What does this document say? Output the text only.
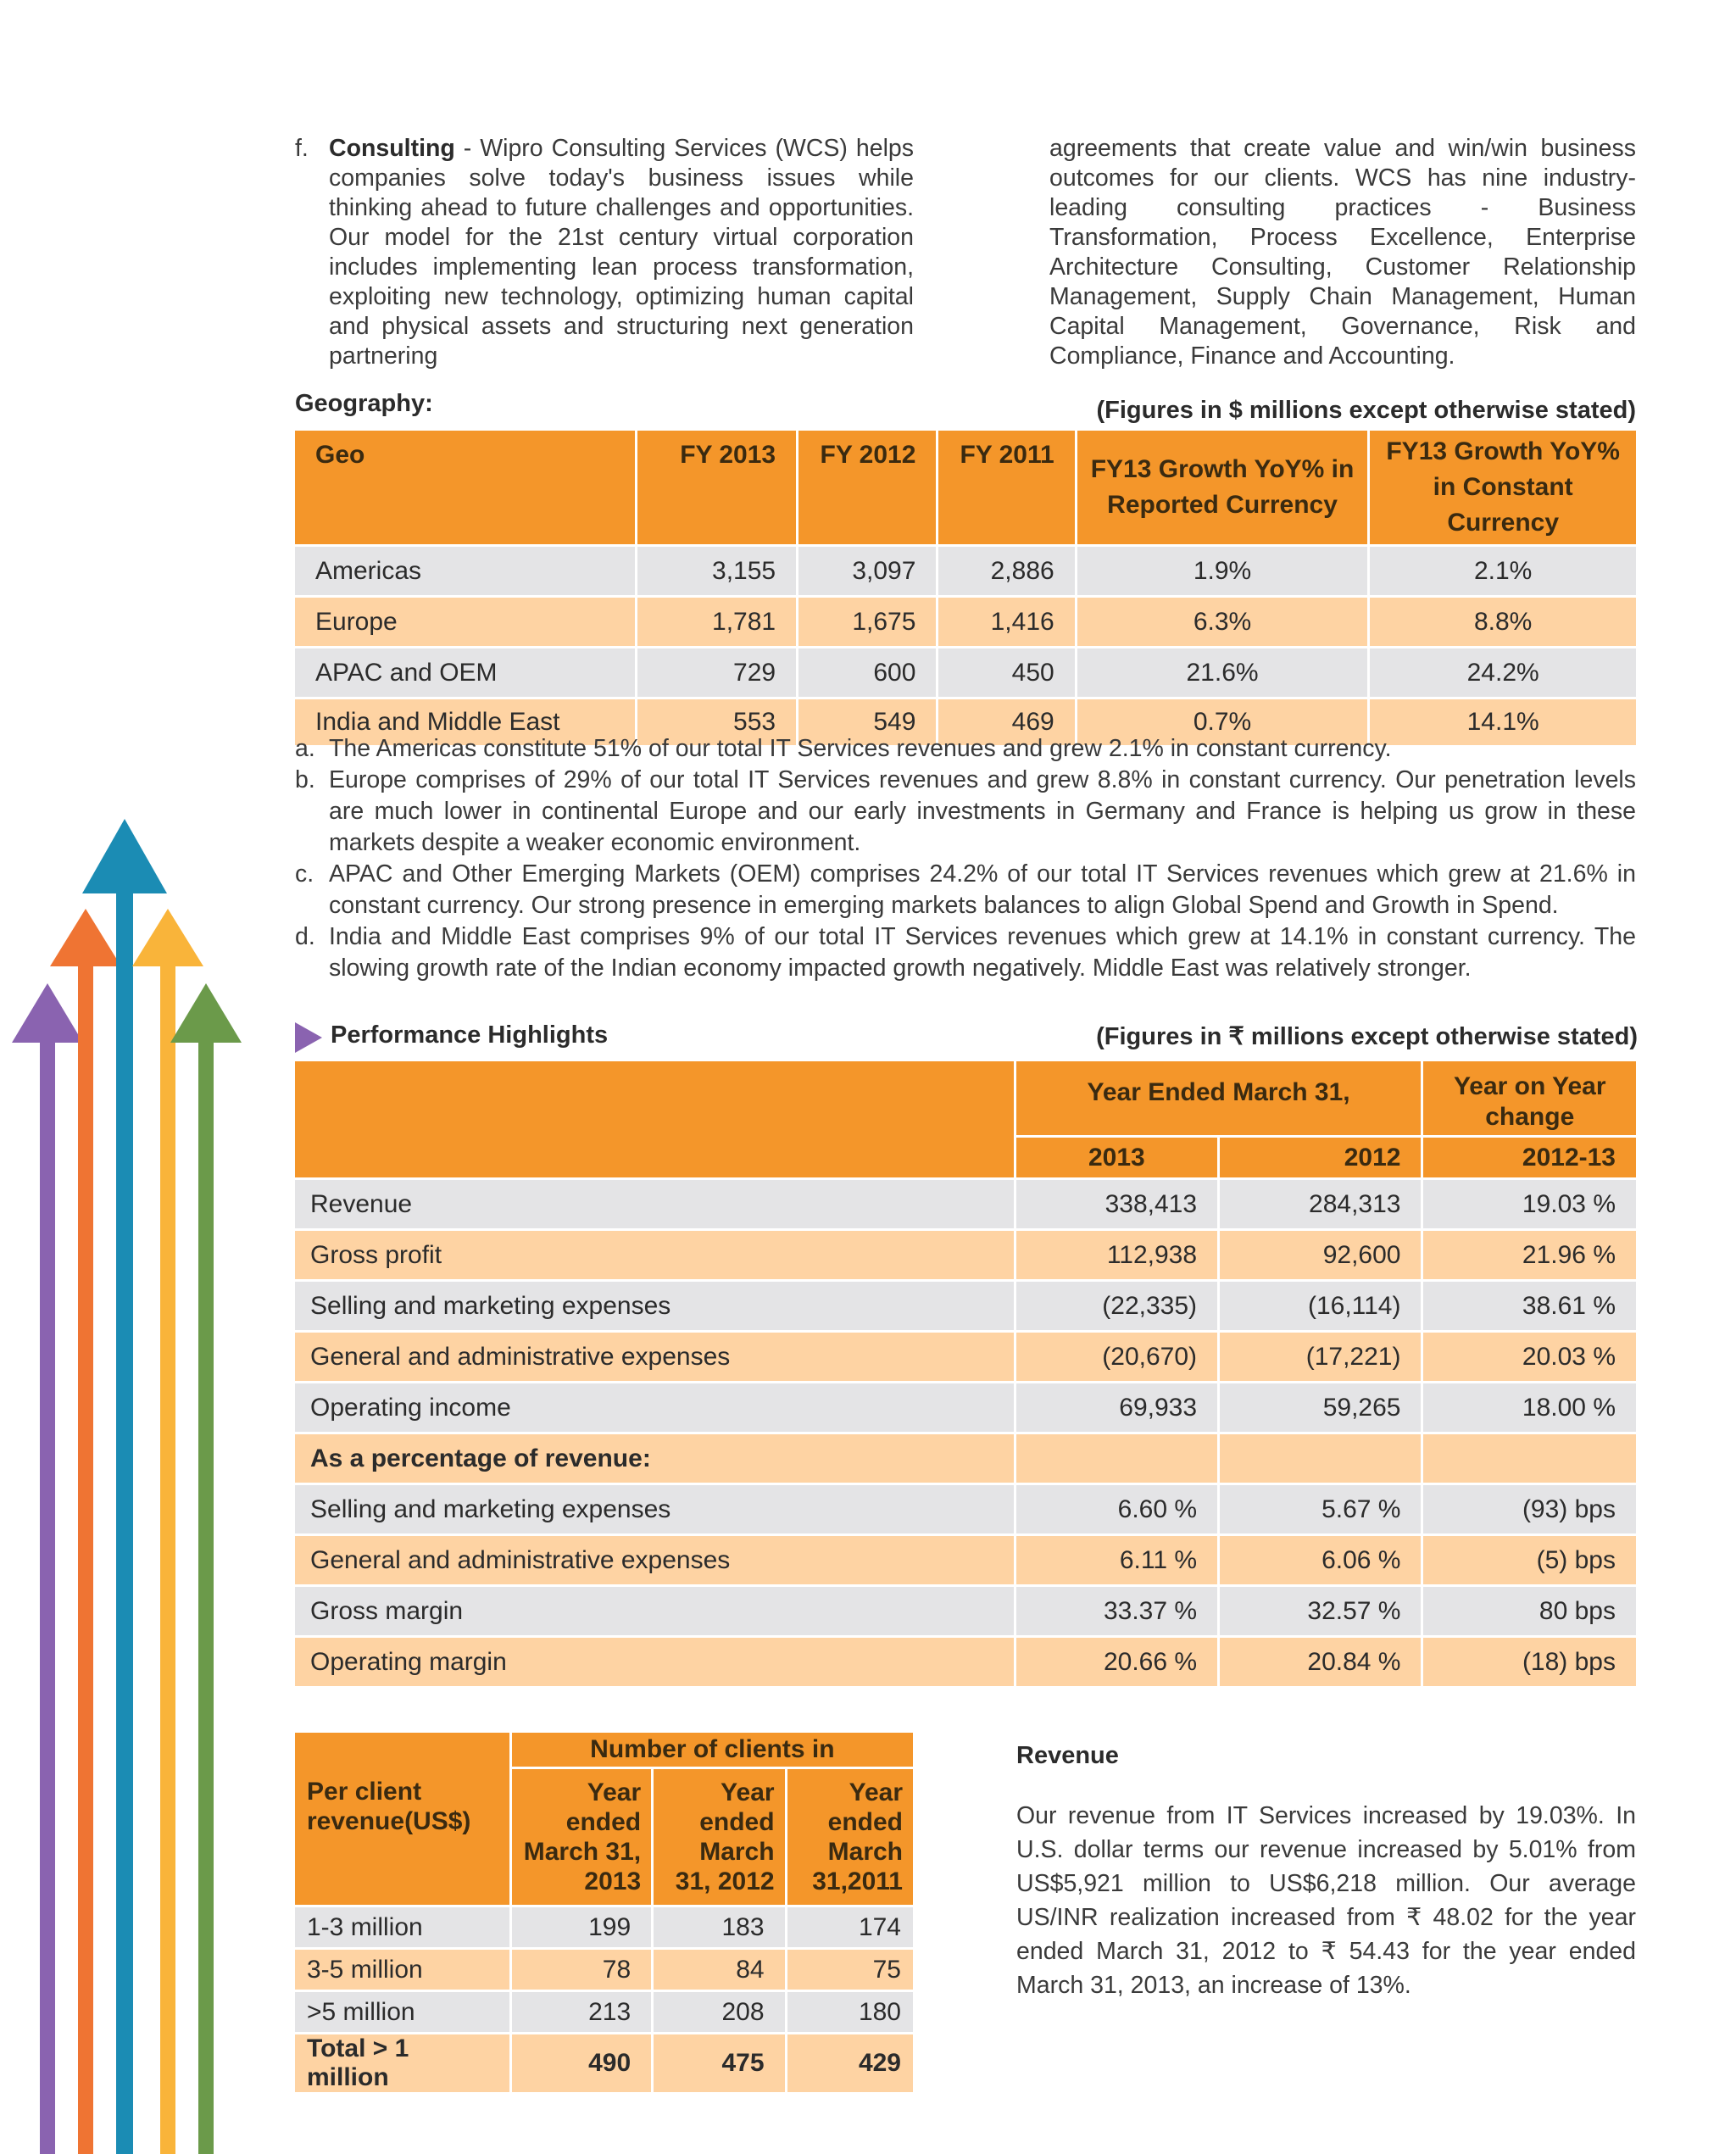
f. Consulting - Wipro Consulting Services (WCS) helps companies solve today's business issues while thinking ahead to future challenges and opportunities. Our model for the 21st century virtual corporation includes implementing lean process transformation, exploiting new technology, optimizing human capital and physical assets and structuring next generation partnering

agreements that create value and win/win business outcomes for our clients. WCS has nine industry-leading consulting practices - Business Transformation, Process Excellence, Enterprise Architecture Consulting, Customer Relationship Management, Supply Chain Management, Human Capital Management, Governance, Risk and Compliance, Finance and Accounting.

Geography:	(Figures in $ millions except otherwise stated)
Geo	FY 2013	FY 2012	FY 2011	FY13 Growth YoY% in Reported Currency	FY13 Growth YoY% in Constant Currency
Americas	3,155	3,097	2,886	1.9%	2.1%
Europe	1,781	1,675	1,416	6.3%	8.8%
APAC and OEM	729	600	450	21.6%	24.2%
India and Middle East	553	549	469	0.7%	14.1%
a. The Americas constitute 51% of our total IT Services revenues and grew 2.1% in constant currency.
b. Europe comprises of 29% of our total IT Services revenues and grew 8.8% in constant currency. Our penetration levels are much lower in continental Europe and our early investments in Germany and France is helping us grow in these markets despite a weaker economic environment.
c. APAC and Other Emerging Markets (OEM) comprises 24.2% of our total IT Services revenues which grew at 21.6% in constant currency. Our strong presence in emerging markets balances to align Global Spend and Growth in Spend.
d. India and Middle East comprises 9% of our total IT Services revenues which grew at 14.1% in constant currency. The slowing growth rate of the Indian economy impacted growth negatively. Middle East was relatively stronger.
Performance Highlights	(Figures in ₹ millions except otherwise stated)
	Year Ended March 31,		Year on Year change
	2013	2012	2012-13
Revenue	338,413	284,313	19.03 %
Gross profit	112,938	92,600	21.96 %
Selling and marketing expenses	(22,335)	(16,114)	38.61 %
General and administrative expenses	(20,670)	(17,221)	20.03 %
Operating income	69,933	59,265	18.00 %
As a percentage of revenue:			
Selling and marketing expenses	6.60 %	5.67 %	(93) bps
General and administrative expenses	6.11 %	6.06 %	(5) bps
Gross margin	33.37 %	32.57 %	80 bps
Operating margin	20.66 %	20.84 %	(18) bps
Per client revenue(US$)	Number of clients in		
	Year ended March 31, 2013	Year ended March 31, 2012	Year ended March 31,2011
1-3 million	199	183	174
3-5 million	78	84	75
>5 million	213	208	180
Total > 1 million	490	475	429
Revenue
Our revenue from IT Services increased by 19.03%. In U.S. dollar terms our revenue increased by 5.01% from US$5,921 million to US$6,218 million. Our average US/INR realization increased from ₹ 48.02 for the year ended March 31, 2012 to ₹ 54.43 for the year ended March 31, 2013, an increase of 13%.
